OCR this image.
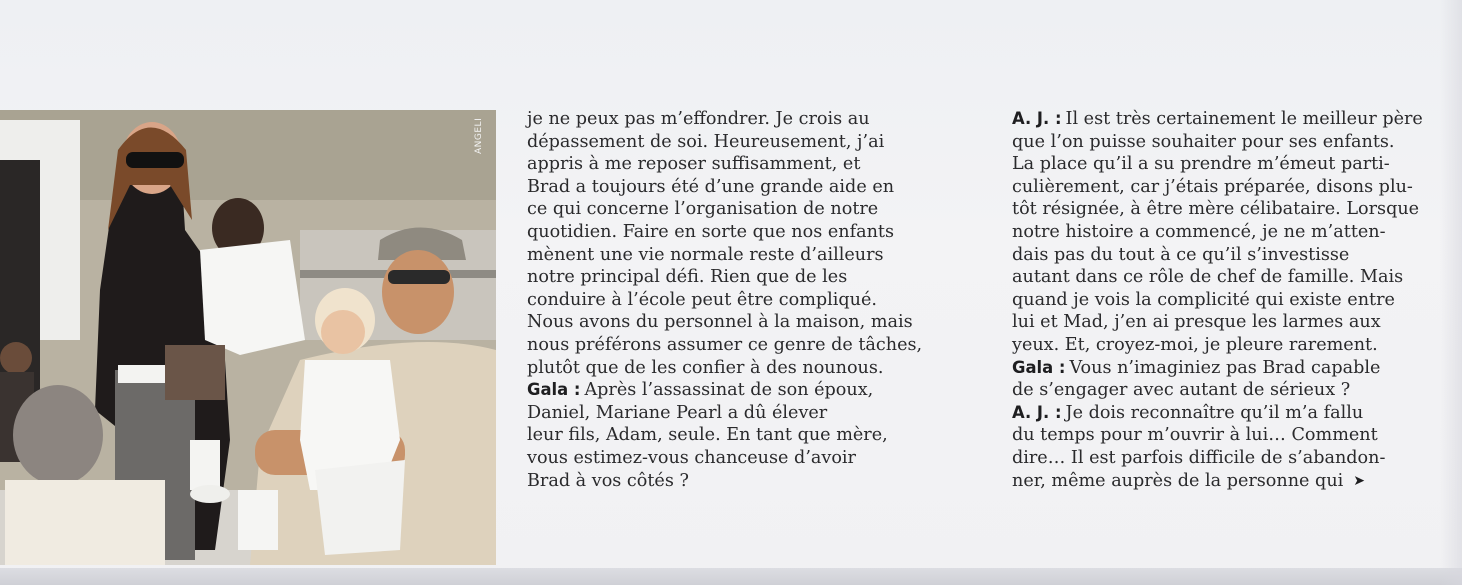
ANGELI	je ne peux pas m’effondrer. Je crois au
dépassement de soi. Heureusement, j’ai
appris à me reposer suffisamment, et
Brad a toujours été d’une grande aide en
ce qui concerne l’organisation de notre
quotidien. Faire en sorte que nos enfants
mènent une vie normale reste d’ailleurs
notre principal défi. Rien que de les
conduire à l’école peut être compliqué.
Nous avons du personnel à la maison, mais
nous préférons assumer ce genre de tâches,
plutôt que de les confier à des nounous.
Gala : Après l’assassinat de son époux,
Daniel, Mariane Pearl a dû élever
leur fils, Adam, seule. En tant que mère,
vous estimez-vous chanceuse d’avoir
Brad à vos côtés ?
A. J. : Il est très certainement le meilleur père
que l’on puisse souhaiter pour ses enfants.
La place qu’il a su prendre m’émeut parti-
culièrement, car j’étais préparée, disons plu-
tôt résignée, à être mère célibataire. Lorsque
notre histoire a commencé, je ne m’atten-
dais pas du tout à ce qu’il s’investisse
autant dans ce rôle de chef de famille. Mais
quand je vois la complicité qui existe entre
lui et Mad, j’en ai presque les larmes aux
yeux. Et, croyez-moi, je pleure rarement.
Gala : Vous n’imaginiez pas Brad capable
de s’engager avec autant de sérieux ?
A. J. : Je dois reconnaître qu’il m’a fallu
du temps pour m’ouvrir à lui… Comment
dire… Il est parfois difficile de s’abandon-
ner, même auprès de la personne qui ➤
